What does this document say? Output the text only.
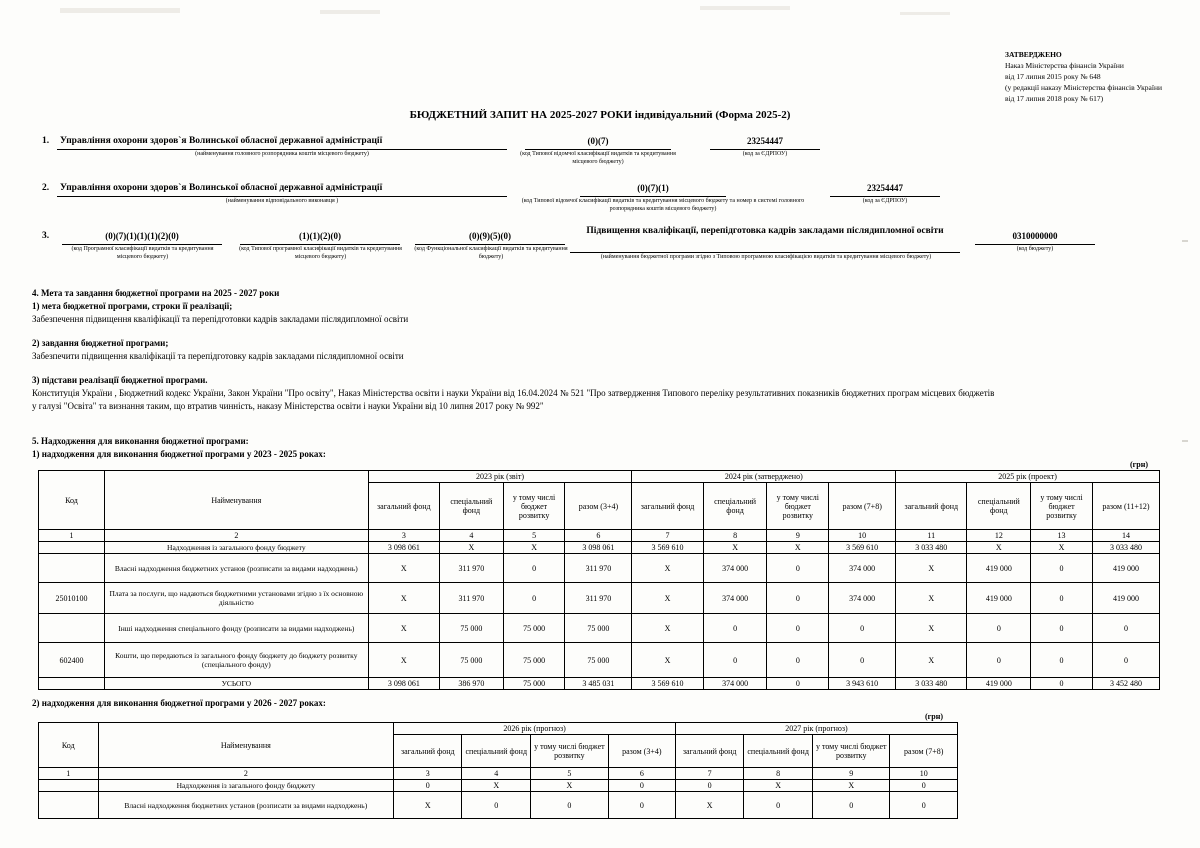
ЗАТВЕРДЖЕНО
Наказ Міністерства фінансів України
від 17 липня 2015 року № 648
(у редакції наказу Міністерства фінансів України
від 17 липня 2018 року № 617)
БЮДЖЕТНИЙ ЗАПИТ НА 2025-2027 РОКИ індивідуальний (Форма 2025-2)
1. Управління охорони здоров`я Волинської обласної державної адміністрації
(найменування головного розпорядника коштів місцевого бюджету)
(0)(7)
(код Типової відомчої класифікації видатків та кредитування місцевого бюджету)
23254447
(код за ЄДРПОУ)
2. Управління охорони здоров`я Волинської обласної державної адміністрації
(найменування відповідального виконавця )
(0)(7)(1)
(код Типової відомчої класифікації видатків та кредитування місцевого бюджету та номер в системі головного розпорядника коштів місцевого бюджету)
23254447
(код за ЄДРПОУ)
3.	(0)(7)(1)(1)(1)(2)(0)
(код Програмної класифікації видатків та кредитування місцевого бюджету)
(1)(1)(2)(0)
(код Типової програмної класифікації видатків та кредитування місцевого бюджету)
(0)(9)(5)(0)
(код Функціональної класифікації видатків та кредитування бюджету)
Підвищення кваліфікації, перепідготовка кадрів закладами післядипломної освіти
(найменування бюджетної програми згідно з Типовою програмною класифікацією видатків та кредитування місцевого бюджету)
0310000000
(код бюджету)
4. Мета та завдання бюджетної програми на 2025 - 2027 роки
1) мета бюджетної програми, строки її реалізації;
Забезпечення підвищення кваліфікації та перепідготовки кадрів закладами післядипломної освіти
2) завдання бюджетної програми;
Забезпечити підвищення кваліфікації та перепідготовку кадрів закладами післядипломної освіти
3) підстави реалізації бюджетної програми.
Конституція України , Бюджетний кодекс України, Закон України "Про освіту", Наказ Міністерства освіти і науки України від 16.04.2024 № 521 "Про затвердження Типового переліку результативних показників бюджетних програм місцевих бюджетів
у галузі "Освіта" та визнання таким, що втратив чинність, наказу Міністерства освіти і науки України від 10 липня 2017 року № 992"
5. Надходження для виконання бюджетної програми:
1) надходження для виконання бюджетної програми у 2023 - 2025 роках:
(грн)
Код	Найменування	2023 рік (звіт)				2024 рік (затверджено)				2025 рік (проект)			
		загальний фонд	спеціальний фонд	у тому числі бюджет розвитку	разом (3+4)	загальний фонд	спеціальний фонд	у тому числі бюджет розвитку	разом (7+8)	загальний фонд	спеціальний фонд	у тому числі бюджет розвитку	разом (11+12)
1	2	3	4	5	6	7	8	9	10	11	12	13	14
	Надходження із загального фонду бюджету	3 098 061	X	X	3 098 061	3 569 610	X	X	3 569 610	3 033 480	X	X	3 033 480
	Власні надходження бюджетних установ (розписати за видами надходжень)	X	311 970	0	311 970	X	374 000	0	374 000	X	419 000	0	419 000
25010100	Плата за послуги, що надаються бюджетними установами згідно з їх основною діяльністю	X	311 970	0	311 970	X	374 000	0	374 000	X	419 000	0	419 000
	Інші надходження спеціального фонду (розписати за видами надходжень)	X	75 000	75 000	75 000	X	0	0	0	X	0	0	0
602400	Кошти, що передаються із загального фонду бюджету до бюджету розвитку (спеціального фонду)	X	75 000	75 000	75 000	X	0	0	0	X	0	0	0
	УСЬОГО	3 098 061	386 970	75 000	3 485 031	3 569 610	374 000	0	3 943 610	3 033 480	419 000	0	3 452 480
2) надходження для виконання бюджетної програми у 2026 - 2027 роках:
(грн)
Код	Найменування	2026 рік (прогноз)				2027 рік (прогноз)			
		загальний фонд	спеціальний фонд	у тому числі бюджет розвитку	разом (3+4)	загальний фонд	спеціальний фонд	у тому числі бюджет розвитку	разом (7+8)
1	2	3	4	5	6	7	8	9	10
	Надходження із загального фонду бюджету	0	X	X	0	0	X	X	0
	Власні надходження бюджетних установ (розписати за видами надходжень)	X	0	0	0	X	0	0	0
